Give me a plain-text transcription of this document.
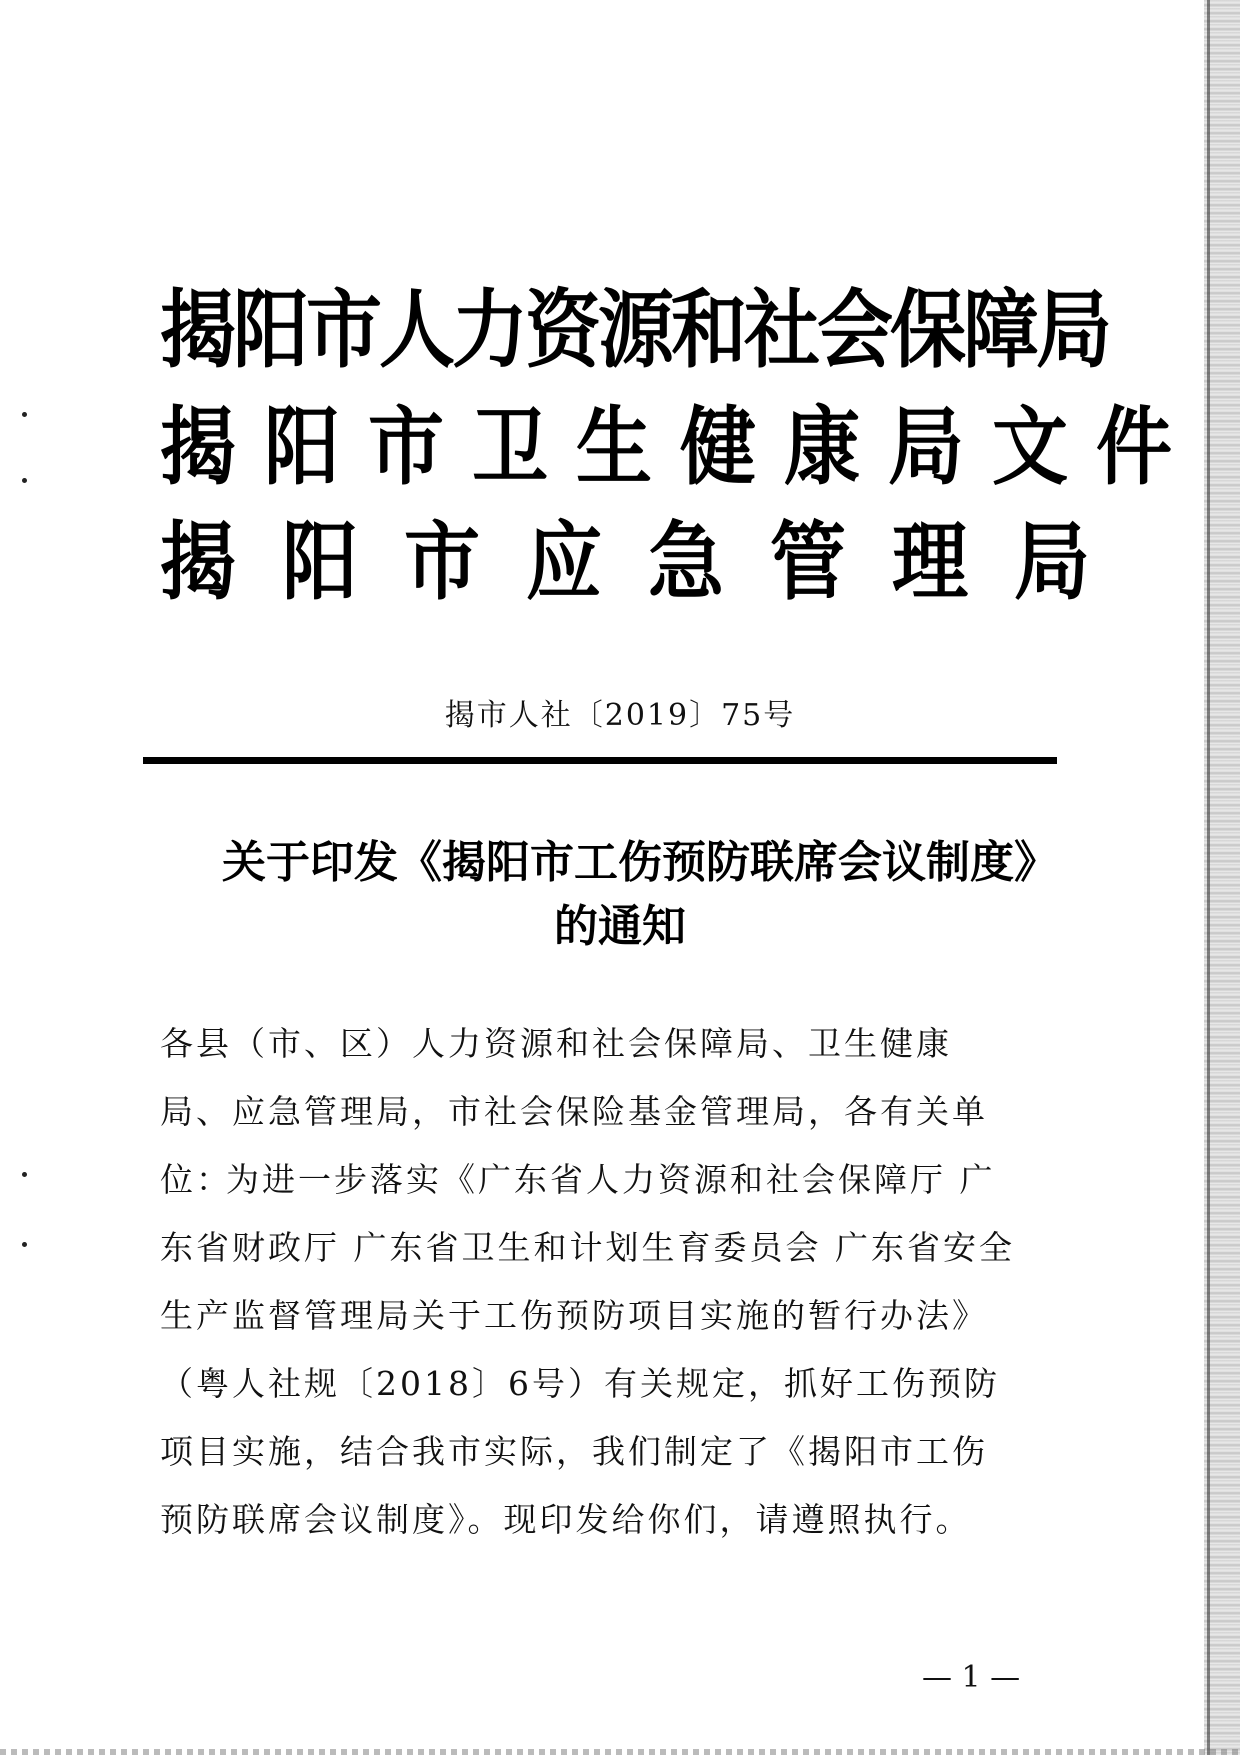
揭阳市人力资源和社会保障局
揭阳市卫生健康局文件
揭阳市应急管理局
揭市人社〔2019〕75号
关于印发《揭阳市工伤预防联席会议制度》
的通知
各县（市、区）人力资源和社会保障局、卫生健康局、应急管理局，市社会保险基金管理局，各有关单位：
为进一步落实《广东省人力资源和社会保障厅 广东省财政厅 广东省卫生和计划生育委员会 广东省安全生产监督管理局关于工伤预防项目实施的暂行办法》（粤人社规〔2018〕6号）有关规定，抓好工伤预防项目实施，结合我市实际，我们制定了《揭阳市工伤预防联席会议制度》。现印发给你们，请遵照执行。
— 1 —
